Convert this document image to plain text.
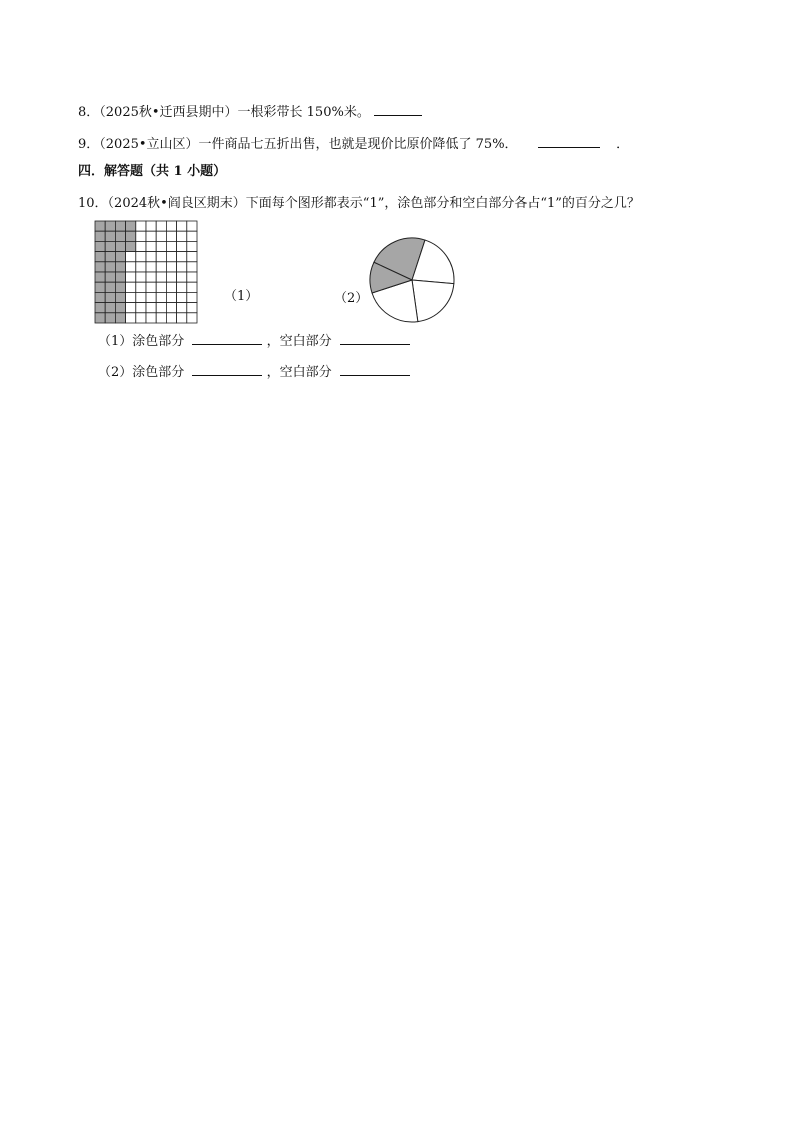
8．（2025秋•迁西县期中）一根彩带长 150%米。
9．（2025•立山区）一件商品七五折出售，也就是现价比原价降低了 75%．	．
四．解答题（共 1 小题）
10．（2024秋•阎良区期末）下面每个图形都表示“1”，涂色部分和空白部分各占“1”的百分之几？
（1）	（2）
（1）涂色部分	，空白部分
（2）涂色部分	，空白部分
